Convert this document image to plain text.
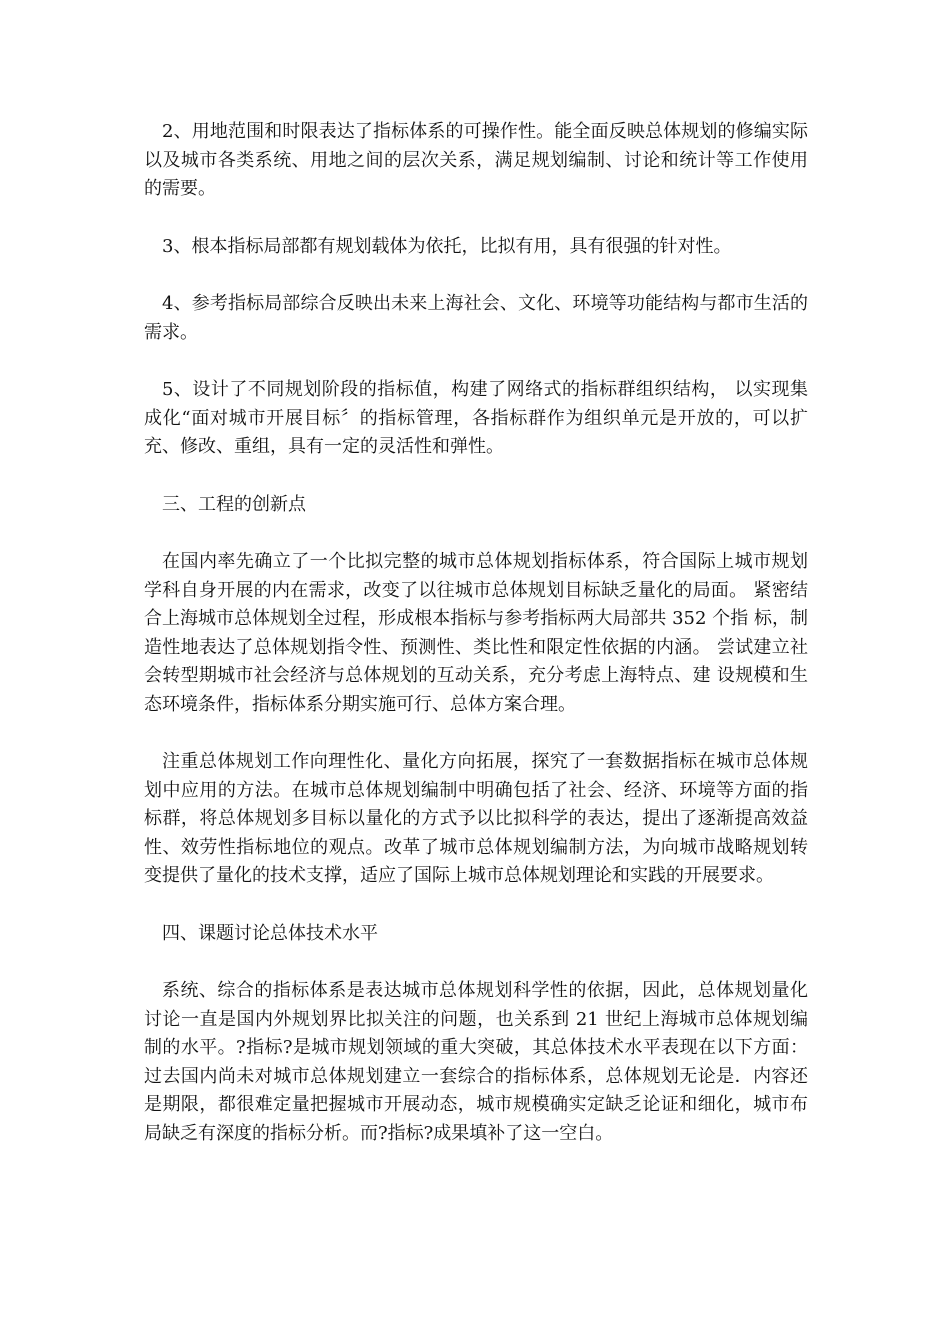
2、用地范围和时限表达了指标体系的可操作性。能全面反映总体规划的修编实际以及城市各类系统、用地之间的层次关系，满足规划编制、讨论和统计等工作使用的需要。

3、根本指标局部都有规划载体为依托，比拟有用，具有很强的针对性。

4、参考指标局部综合反映出未来上海社会、文化、环境等功能结构与都市生活的 需求。

5、设计了不同规划阶段的指标值，构建了网络式的指标群组织结构， 以实现集成化“面对城市开展目标〞的指标管理，各指标群作为组织单元是开放的，可以扩充、修改、重组，具有一定的灵活性和弹性。

三、工程的创新点

在国内率先确立了一个比拟完整的城市总体规划指标体系，符合国际上城市规划学科自身开展的内在需求，改变了以往城市总体规划目标缺乏量化的局面。 紧密结合上海城市总体规划全过程，形成根本指标与参考指标两大局部共 352 个指 标，制造性地表达了总体规划指令性、预测性、类比性和限定性依据的内涵。 尝试建立社会转型期城市社会经济与总体规划的互动关系，充分考虑上海特点、建 设规模和生态环境条件，指标体系分期实施可行、总体方案合理。

注重总体规划工作向理性化、量化方向拓展，探究了一套数据指标在城市总体规划中应用的方法。在城市总体规划编制中明确包括了社会、经济、环境等方面的指标群，将总体规划多目标以量化的方式予以比拟科学的表达，提出了逐渐提高效益性、效劳性指标地位的观点。改革了城市总体规划编制方法，为向城市战略规划转变提供了量化的技术支撑，适应了国际上城市总体规划理论和实践的开展要求。

四、课题讨论总体技术水平

系统、综合的指标体系是表达城市总体规划科学性的依据，因此，总体规划量化讨论一直是国内外规划界比拟关注的问题，也关系到 21 世纪上海城市总体规划编制的水平。?指标?是城市规划领域的重大突破，其总体技术水平表现在以下方面：过去国内尚未对城市总体规划建立一套综合的指标体系，总体规划无论是．内容还是期限，都很难定量把握城市开展动态，城市规模确实定缺乏论证和细化，城市布局缺乏有深度的指标分析。而?指标?成果填补了这一空白。
